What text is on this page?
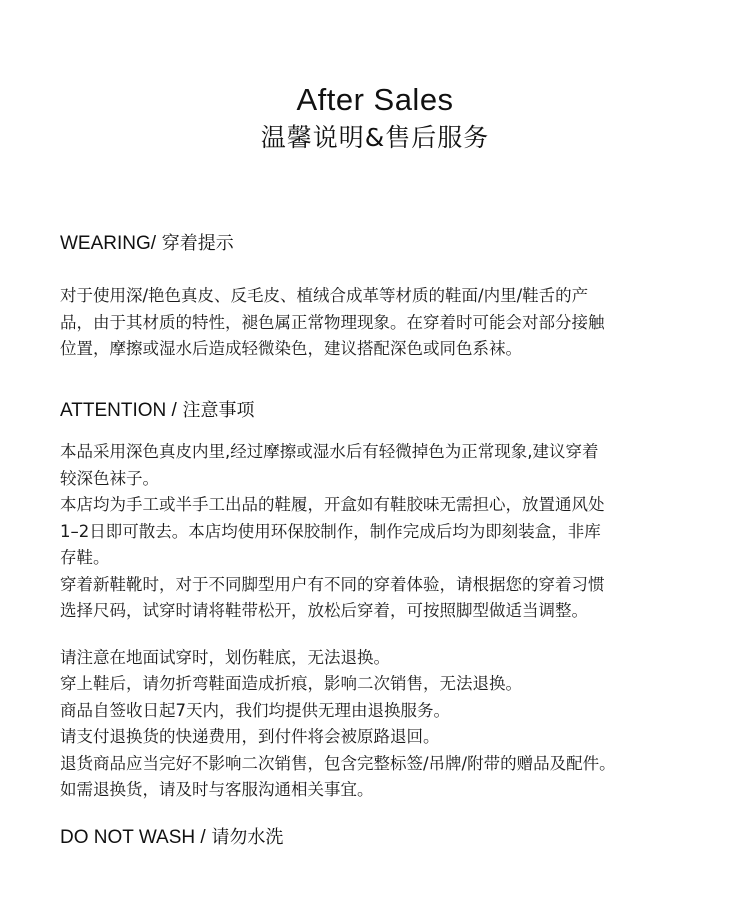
After Sales
温馨说明&售后服务
WEARING/ 穿着提示
对于使用深/艳色真皮、反毛皮、植绒合成革等材质的鞋面/内里/鞋舌的产
品，由于其材质的特性，褪色属正常物理现象。在穿着时可能会对部分接触
位置，摩擦或湿水后造成轻微染色，建议搭配深色或同色系袜。
ATTENTION / 注意事项
本品采用深色真皮内里,经过摩擦或湿水后有轻微掉色为正常现象,建议穿着
较深色袜子。
本店均为手工或半手工出品的鞋履，开盒如有鞋胶味无需担心，放置通风处
1–2日即可散去。本店均使用环保胶制作，制作完成后均为即刻装盒，非库
存鞋。
穿着新鞋靴时，对于不同脚型用户有不同的穿着体验，请根据您的穿着习惯
选择尺码，试穿时请将鞋带松开，放松后穿着，可按照脚型做适当调整。
请注意在地面试穿时，划伤鞋底，无法退换。
穿上鞋后，请勿折弯鞋面造成折痕，影响二次销售，无法退换。
商品自签收日起7天内，我们均提供无理由退换服务。
请支付退换货的快递费用，到付件将会被原路退回。
退货商品应当完好不影响二次销售，包含完整标签/吊牌/附带的赠品及配件。
如需退换货，请及时与客服沟通相关事宜。
DO NOT WASH / 请勿水洗
